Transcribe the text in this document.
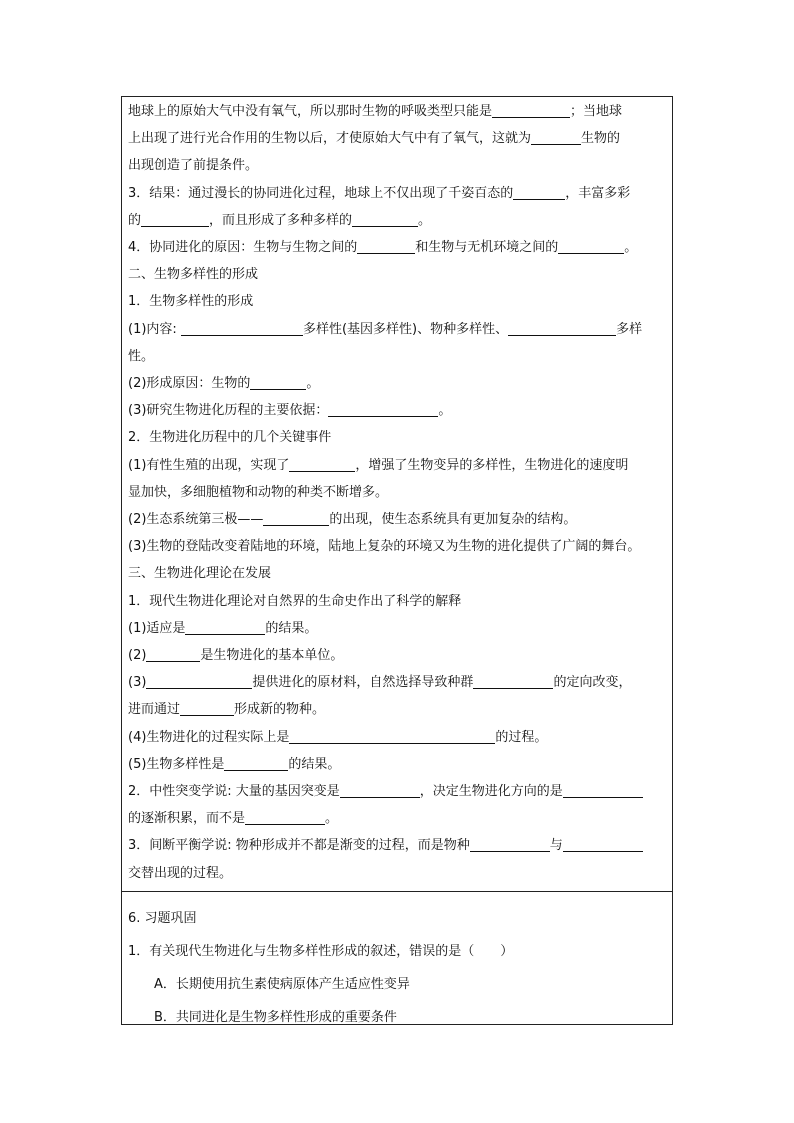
地球上的原始大气中没有氧气，所以那时生物的呼吸类型只能是	；当地球
上出现了进行光合作用的生物以后，才使原始大气中有了氧气，这就为	生物的
出现创造了前提条件。
3．结果：通过漫长的协同进化过程，地球上不仅出现了千姿百态的	，丰富多彩
的	，而且形成了多种多样的	。
4．协同进化的原因：生物与生物之间的	和生物与无机环境之间的	。
二、生物多样性的形成
1．生物多样性的形成
(1)内容:	多样性(基因多样性)、物种多样性、	多样
性。
(2)形成原因：生物的	。
(3)研究生物进化历程的主要依据：	。
2．生物进化历程中的几个关键事件
(1)有性生殖的出现，实现了	，增强了生物变异的多样性，生物进化的速度明
显加快，多细胞植物和动物的种类不断增多。
(2)生态系统第三极——	的出现，使生态系统具有更加复杂的结构。
(3)生物的登陆改变着陆地的环境，陆地上复杂的环境又为生物的进化提供了广阔的舞台。
三、生物进化理论在发展
1．现代生物进化理论对自然界的生命史作出了科学的解释
(1)适应是	的结果。
(2)	是生物进化的基本单位。
(3)	提供进化的原材料，自然选择导致种群	的定向改变，
进而通过	形成新的物种。
(4)生物进化的过程实际上是	的过程。
(5)生物多样性是	的结果。
2．中性突变学说: 大量的基因突变是	，决定生物进化方向的是
的逐渐积累，而不是	。
3．间断平衡学说: 物种形成并不都是渐变的过程，而是物种	与
交替出现的过程。
6. 习题巩固
1．有关现代生物进化与生物多样性形成的叙述，错误的是（　　）
A．长期使用抗生素使病原体产生适应性变异
B．共同进化是生物多样性形成的重要条件
